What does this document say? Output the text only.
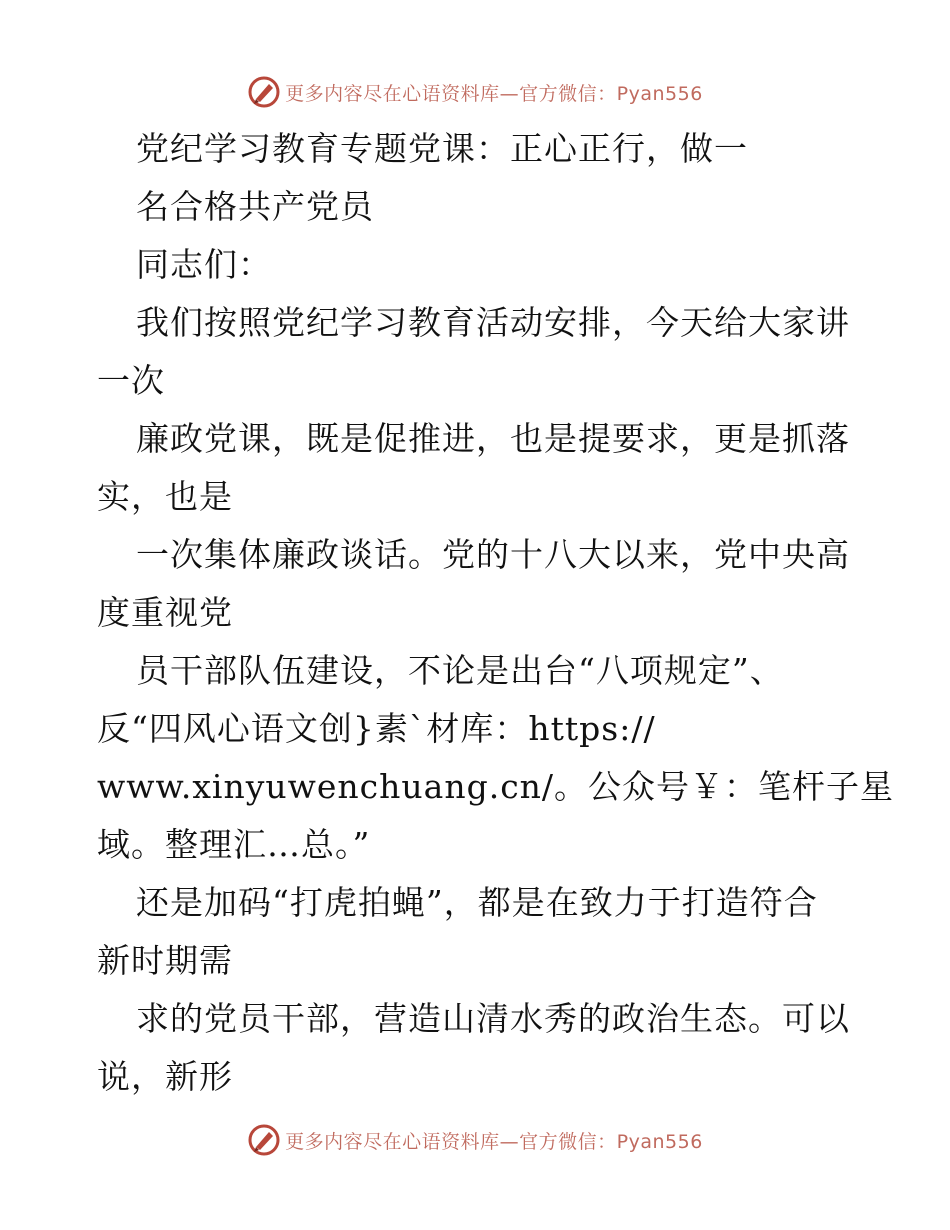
更多内容尽在心语资料库—官方微信：Pyan556
党纪学习教育专题党课：正心正行，做一
名合格共产党员
同志们：
我们按照党纪学习教育活动安排，今天给大家讲
一次
廉政党课，既是促推进，也是提要求，更是抓落
实，也是
一次集体廉政谈话。党的十八大以来，党中央高
度重视党
员干部队伍建设，不论是出台“八项规定”、
反“四风心语文创}素`材库：https://
www.xinyuwenchuang.cn/。公众号￥：笔杆子星
域。整理汇…总。”
还是加码“打虎拍蝇”，都是在致力于打造符合
新时期需
求的党员干部，营造山清水秀的政治生态。可以
说，新形
更多内容尽在心语资料库—官方微信：Pyan556
